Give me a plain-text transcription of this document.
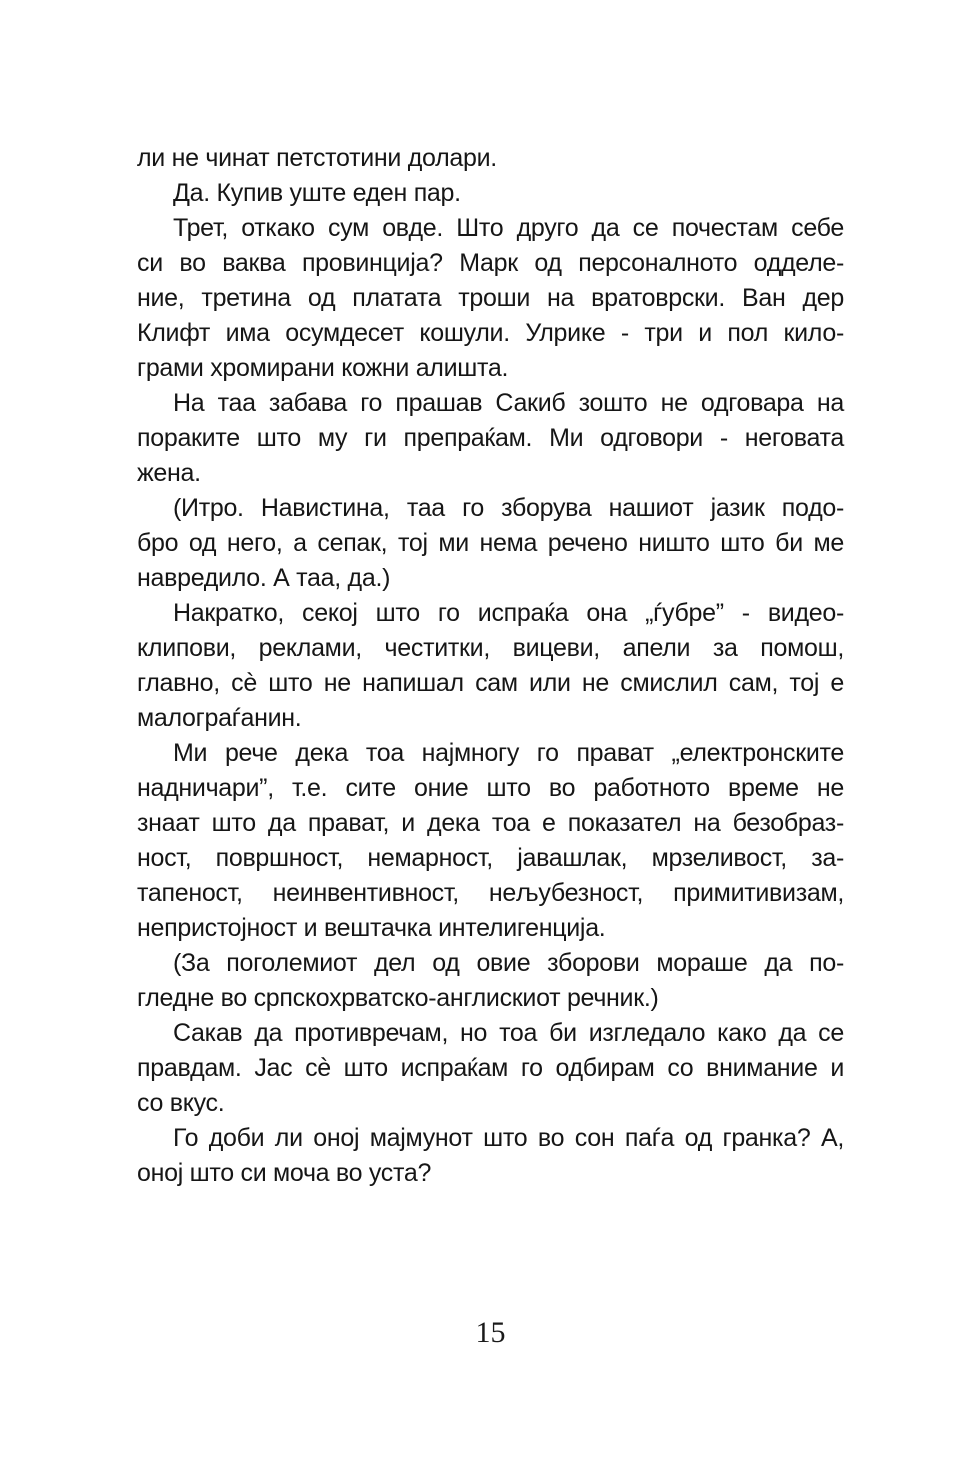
ли не чинат петстотини долари.
Да. Купив уште еден пар.
Трет, откако сум овде. Што друго да се почестам себе
си во ваква провинција? Марк од персоналното одделе-
ние, третина од платата троши на вратоврски. Ван дер
Клифт има осумдесет кошули. Улрике - три и пол кило-
грами хромирани кожни алишта.
На таа забава го прашав Сакиб зошто не одговара на
пораките што му ги препраќам. Ми одговори - неговата
жена.
(Итро. Навистина, таа го зборува нашиот јазик подо-
бро од него, а сепак, тој ми нема речено ништо што би ме
навредило. А таа, да.)
Накратко, секој што го испраќа она „ѓубре” - видео-
клипови, реклами, честитки, вицеви, апели за помош,
главно, сè што не напишал сам или не смислил сам, тој е
малограѓанин.
Ми рече дека тоа најмногу го прават „електронските
надничари”, т.е. сите оние што во работното време не
знаат што да прават, и дека тоа е показател на безобраз-
ност, површност, немарност, јавашлак, мрзеливост, за-
тапеност, неинвентивност, нељубезност, примитивизам,
непристојност и вештачка интелигенција.
(За поголемиот дел од овие зборови мораше да по-
гледне во српскохрватско-англискиот речник.)
Сакав да противречам, но тоа би изгледало како да се
правдам. Јас сè што испраќам го одбирам со внимание и
со вкус.
Го доби ли оној мајмунот што во сон паѓа од гранка? А,
оној што си моча во уста?
15
